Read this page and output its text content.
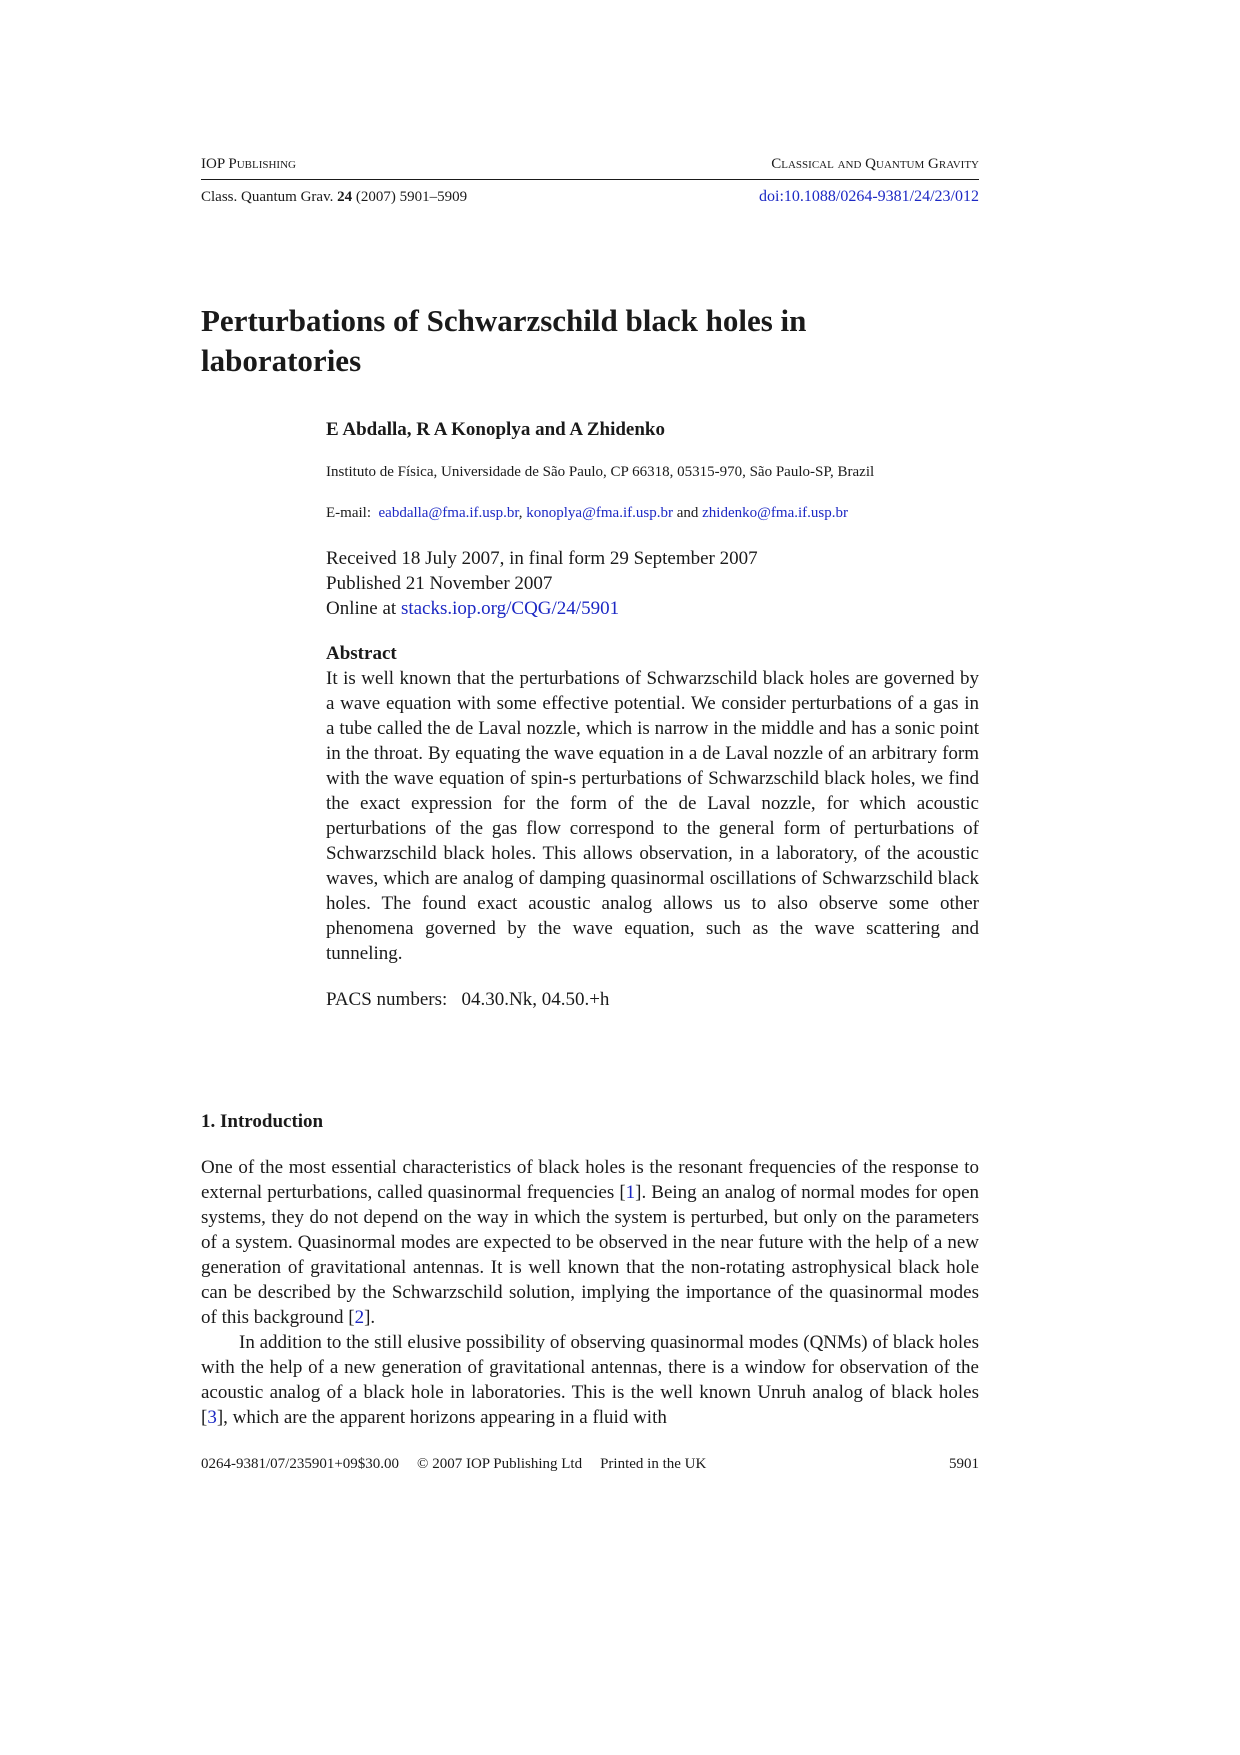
IOP Publishing	Classical and Quantum Gravity
Class. Quantum Grav. 24 (2007) 5901–5909	doi:10.1088/0264-9381/24/23/012
Perturbations of Schwarzschild black holes in laboratories
E Abdalla, R A Konoplya and A Zhidenko
Instituto de Física, Universidade de São Paulo, CP 66318, 05315-970, São Paulo-SP, Brazil
E-mail: eabdalla@fma.if.usp.br, konoplya@fma.if.usp.br and zhidenko@fma.if.usp.br
Received 18 July 2007, in final form 29 September 2007
Published 21 November 2007
Online at stacks.iop.org/CQG/24/5901
Abstract

It is well known that the perturbations of Schwarzschild black holes are governed by a wave equation with some effective potential. We consider perturbations of a gas in a tube called the de Laval nozzle, which is narrow in the middle and has a sonic point in the throat. By equating the wave equation in a de Laval nozzle of an arbitrary form with the wave equation of spin-s perturbations of Schwarzschild black holes, we find the exact expression for the form of the de Laval nozzle, for which acoustic perturbations of the gas flow correspond to the general form of perturbations of Schwarzschild black holes. This allows observation, in a laboratory, of the acoustic waves, which are analog of damping quasinormal oscillations of Schwarzschild black holes. The found exact acoustic analog allows us to also observe some other phenomena governed by the wave equation, such as the wave scattering and tunneling.

PACS numbers: 04.30.Nk, 04.50.+h
1. Introduction

One of the most essential characteristics of black holes is the resonant frequencies of the response to external perturbations, called quasinormal frequencies [1]. Being an analog of normal modes for open systems, they do not depend on the way in which the system is perturbed, but only on the parameters of a system. Quasinormal modes are expected to be observed in the near future with the help of a new generation of gravitational antennas. It is well known that the non-rotating astrophysical black hole can be described by the Schwarzschild solution, implying the importance of the quasinormal modes of this background [2].

In addition to the still elusive possibility of observing quasinormal modes (QNMs) of black holes with the help of a new generation of gravitational antennas, there is a window for observation of the acoustic analog of a black hole in laboratories. This is the well known Unruh analog of black holes [3], which are the apparent horizons appearing in a fluid with

0264-9381/07/235901+09$30.00 © 2007 IOP Publishing Ltd Printed in the UK	5901
